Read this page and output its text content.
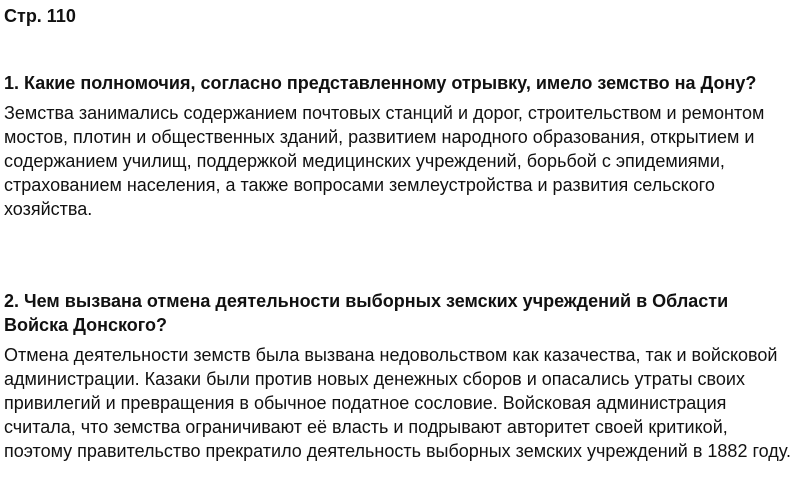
Стр. 110

1. Какие полномочия, согласно представленному отрывку, имело земство на Дону?

Земства занимались содержанием почтовых станций и дорог, строительством и ремонтом мостов, плотин и общественных зданий, развитием народного образования, открытием и содержанием училищ, поддержкой медицинских учреждений, борьбой с эпидемиями, страхованием населения, а также вопросами землеустройства и развития сельского хозяйства.

2. Чем вызвана отмена деятельности выборных земских учреждений в Области Войска Донского?

Отмена деятельности земств была вызвана недовольством как казачества, так и войсковой администрации. Казаки были против новых денежных сборов и опасались утраты своих привилегий и превращения в обычное податное сословие. Войсковая администрация считала, что земства ограничивают её власть и подрывают авторитет своей критикой, поэтому правительство прекратило деятельность выборных земских учреждений в 1882 году.
